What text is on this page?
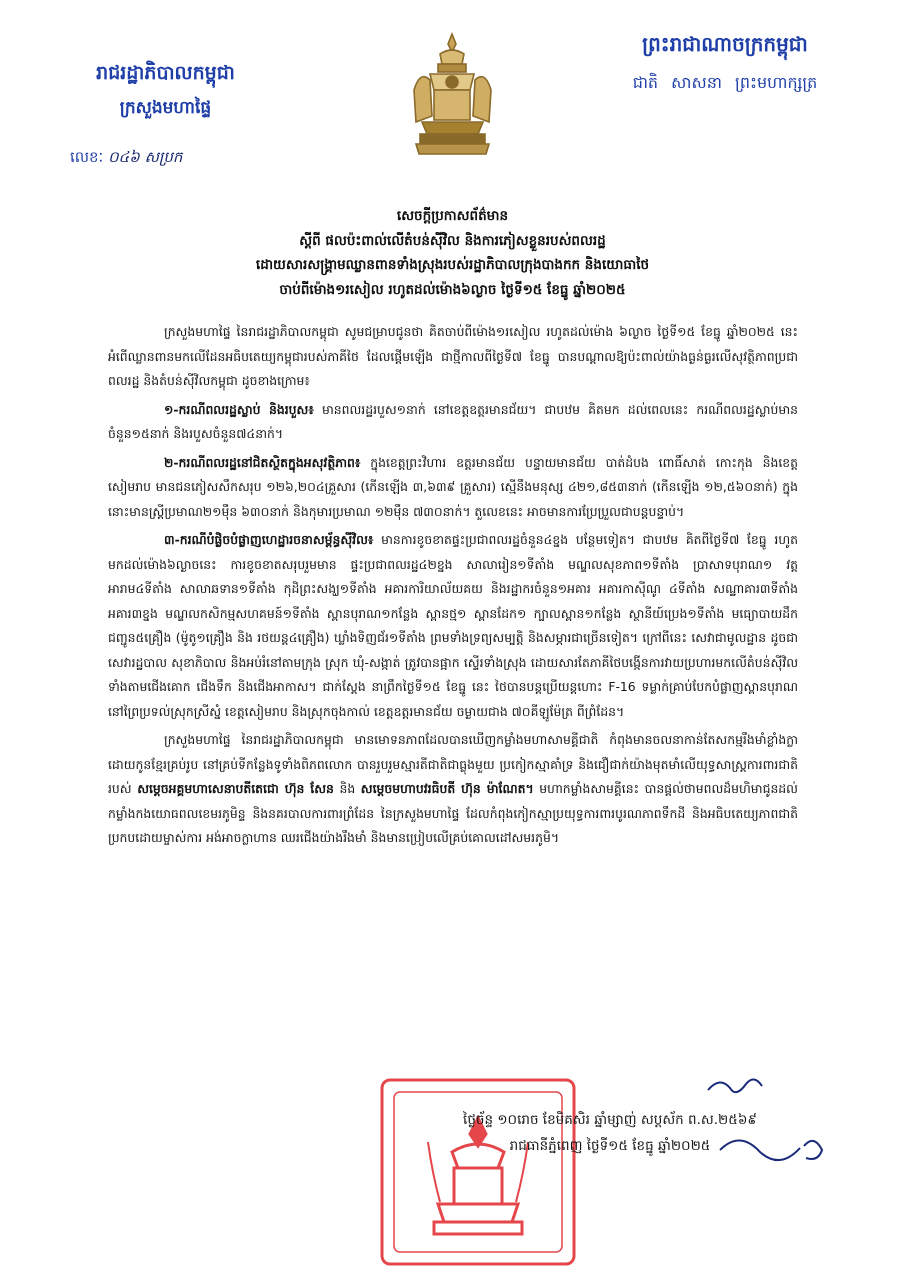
រាជរដ្ឋាភិបាលកម្ពុជា
ក្រសួងមហាផ្ទៃ
លេខៈ ០៤៦ សប្រក
ព្រះរាជាណាចក្រកម្ពុជា
ជាតិ សាសនា ព្រះមហាក្សត្រ
សេចក្ដីប្រកាសព័ត៌មាន
ស្ដីពី ផលប៉ះពាល់លើតំបន់ស៊ីវិល និងការភៀសខ្លួនរបស់ពលរដ្ឋ
ដោយសារសង្គ្រាមឈ្លានពានទាំងស្រុងរបស់រដ្ឋាភិបាលក្រុងបាងកក និងយោធាថៃ
ចាប់ពីម៉ោង១រសៀល រហូតដល់ម៉ោង៦ល្ងាច ថ្ងៃទី១៥ ខែធ្នូ ឆ្នាំ២០២៥

ក្រសួងមហាផ្ទៃ នៃរាជរដ្ឋាភិបាលកម្ពុជា សូមជម្រាបជូនថា គិតចាប់ពីម៉ោង១រសៀល រហូតដល់ម៉ោង ៦ល្ងាច ថ្ងៃទី១៥ ខែធ្នូ ឆ្នាំ២០២៥ នេះ អំពើឈ្លានពានមកលើដែនអធិបតេយ្យកម្ពុជារបស់ភាគីថៃ ដែលផ្ដើមឡើង ជាថ្មីកាលពីថ្ងៃទី៧ ខែធ្នូ បានបណ្ដាលឱ្យប៉ះពាល់យ៉ាងធ្ងន់ធ្ងរលើសុវត្ថិភាពប្រជាពលរដ្ឋ និងតំបន់ស៊ីវិលកម្ពុជា ដូចខាងក្រោម៖

១-ករណីពលរដ្ឋស្លាប់ និងរបួស៖ មានពលរដ្ឋរបួស១នាក់ នៅខេត្តឧត្ដរមានជ័យ។ ជាបឋម គិតមក ដល់ពេលនេះ ករណីពលរដ្ឋស្លាប់មានចំនួន១៥នាក់ និងរបួសចំនួន៧៤នាក់។

២-ករណីពលរដ្ឋនៅជិតស្ថិតក្នុងអសុវត្ថិភាព៖ ក្នុងខេត្តព្រះវិហារ ឧត្ដរមានជ័យ បន្ទាយមានជ័យ បាត់ដំបង ពោធិ៍សាត់ កោះកុង និងខេត្តសៀមរាប មានជនភៀសសឹកសរុប ១២៦,២០៤គ្រួសារ (កើនឡើង ៣,៦៣៩ គ្រួសារ) ស្មើនឹងមនុស្ស ៤២១,៨៥៣នាក់ (កើនឡើង ១២,៥៦០នាក់) ក្នុងនោះមានស្ត្រីប្រមាណ២១ម៉ឺន ៦៣០នាក់ និងកុមារប្រមាណ ១២ម៉ឺន ៧៣០នាក់។ តួលេខនេះ អាចមានការប្រែប្រួលជាបន្តបន្ទាប់។

៣-ករណីបំផ្លិចបំផ្លាញហេដ្ឋារចនាសម្ព័ន្ធស៊ីវិល៖ មានការខូចខាតផ្ទះប្រជាពលរដ្ឋចំនួន៤ខ្នង បន្ថែមទៀត។ ជាបឋម គិតពីថ្ងៃទី៧ ខែធ្នូ រហូតមកដល់ម៉ោង៦ល្ងាចនេះ ការខូចខាតសរុបរួមមាន ផ្ទះប្រជាពលរដ្ឋ៤២ខ្នង សាលារៀន១ទីតាំង មណ្ឌលសុខភាព១ទីតាំង ប្រាសាទបុរាណ១ វត្តអារាម៤ទីតាំង សាលាឆទាន១ទីតាំង កុដិព្រះសង្ឃ១ទីតាំង អគារការិយាល័យគយ និងរដ្ឋាករចំនួន១អគារ អគារកាស៊ីណូ ៤ទីតាំង សណ្ឋាគារ៣ទីតាំង អគារ៣ខ្នង មណ្ឌលកសិកម្មសហគមន៍១ទីតាំង ស្ពានបុរាណ១កន្លែង ស្ពានថ្ម១ ស្ពានដែក១ ក្បាលស្ពាន១កន្លែង ស្ថានីយ៍ប្រេង១ទីតាំង មធ្យោបាយដឹកជញ្ជូន៥គ្រឿង (ម៉ូតូ១គ្រឿង និង រថយន្ត៤គ្រឿង) ឃ្លាំងទិញជ័រ១ទីតាំង ព្រមទាំងទ្រព្យសម្បត្តិ និងសម្ភារជាច្រើនទៀត។ ក្រៅពីនេះ សេវាជាមូលដ្ឋាន ដូចជា សេវារដ្ឋបាល សុខាភិបាល និងអប់រំនៅតាមក្រុង ស្រុក ឃុំ-សង្កាត់ ត្រូវបានផ្អាក ស្ទើរទាំងស្រុង ដោយសារតែភាគីថៃបង្កើនការវាយប្រហារមកលើតំបន់ស៊ីវិល ទាំងតាមជើងគោក ជើងទឹក និងជើងអាកាស។ ជាក់ស្ដែង នាព្រឹកថ្ងៃទី១៥ ខែធ្នូ នេះ ថៃបានបន្តប្រើយន្តហោះ F-16 ទម្លាក់គ្រាប់បែកបំផ្លាញស្ពានបុរាណ នៅព្រៃប្រទល់ស្រុកស្រីស្នំ ខេត្តសៀមរាប និងស្រុកចុងកាល់ ខេត្តឧត្ដរមានជ័យ ចម្ងាយជាង ៧០គីឡូម៉ែត្រ ពីព្រំដែន។

ក្រសួងមហាផ្ទៃ នៃរាជរដ្ឋាភិបាលកម្ពុជា មានមោទនភាពដែលបានឃើញកម្លាំងមហាសាមគ្គីជាតិ កំពុងមានចលនាកាន់តែសកម្មរឹងមាំខ្លាំងក្លា ដោយកូនខ្មែរគ្រប់រូប នៅគ្រប់ទីកន្លែងទូទាំងពិភពលោក បានរួបរួមស្មារតីជាតិជាធ្លុងមួយ ប្រកៀកស្មាគាំទ្រ និងជឿជាក់យ៉ាងមុតមាំលើយុទ្ធសាស្ត្រការពារជាតិរបស់ សម្ដេចអគ្គមហាសេនាបតីតេជោ ហ៊ុន សែន និង សម្ដេចមហាបវរធិបតី ហ៊ុន ម៉ាណែត។ មហាកម្លាំងសាមគ្គីនេះ បានផ្ដល់ថាមពលដ៏មហិមាជូនដល់កម្លាំងកងយោធពលខេមរភូមិន្ទ និងនគរបាលការពារព្រំដែន នៃក្រសួងមហាផ្ទៃ ដែលកំពុងកៀកស្មាប្រយុទ្ធការពារបូរណភាពទឹកដី និងអធិបតេយ្យភាពជាតិ ប្រកបដោយម្ចាស់ការ អង់អាចក្លាហាន ឈរជើងយ៉ាងរឹងមាំ និងមានប្រៀបលើគ្រប់គោលដៅសមរភូមិ។

ថ្ងៃច័ន្ទ ១០រោច ខែមិគសិរ ឆ្នាំម្សាញ់ សប្ដស័ក ព.ស.២៥៦៩
រាជធានីភ្នំពេញ ថ្ងៃទី១៥ ខែធ្នូ ឆ្នាំ២០២៥
